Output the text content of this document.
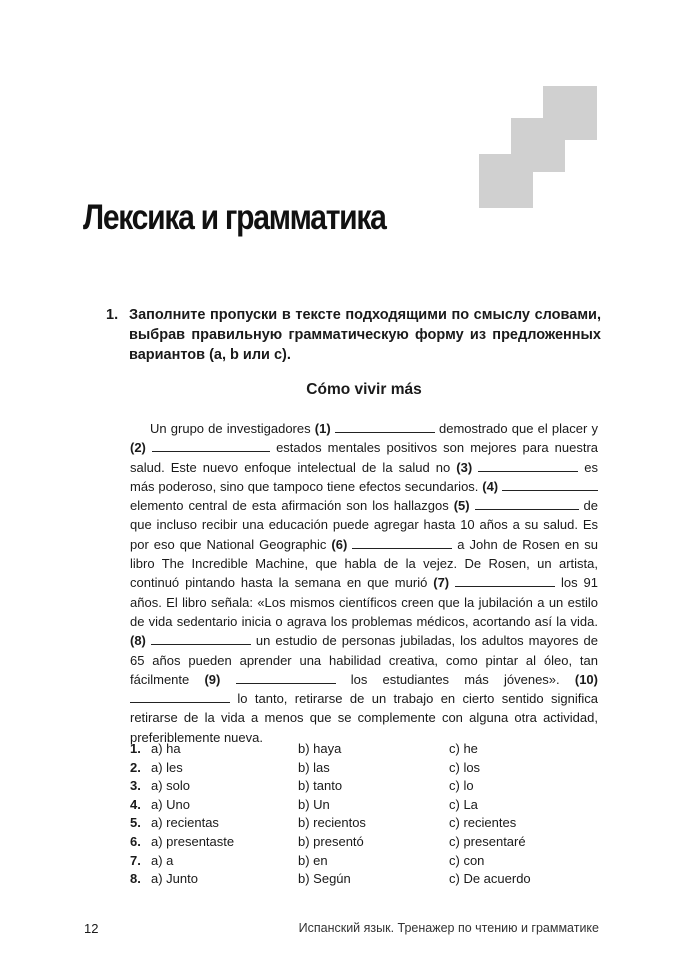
Лексика и грамматика
1. Заполните пропуски в тексте подходящими по смыслу словами, выбрав правильную грамматическую форму из предложенных вариантов (a, b или c).
Cómo vivir más

Un grupo de investigadores (1)	demostrado que el placer y (2)	estados mentales positivos son mejores para nuestra salud. Este nuevo enfoque intelectual de la salud no (3)	es más poderoso, sino que tampoco tiene efectos secundarios. (4)  elemento central de esta afirmación son los hallazgos (5)	de que incluso recibir una educación puede agregar hasta 10 años a su salud. Es por eso que National Geographic (6)	a John de Rosen en su libro The Incredible Machine, que habla de la vejez. De Rosen, un artista, continuó pintando hasta la semana en que murió (7)	los 91 años. El libro señala: «Los mismos científicos creen que la jubilación a un estilo de vida sedentario inicia o agrava los problemas médicos, acortando así la vida. (8)	un estudio de personas jubiladas, los adultos mayores de 65 años pueden aprender una habilidad creativa, como pintar al óleo, tan fácilmente (9)	los estudiantes más jóvenes». (10)  lo tanto, retirarse de un trabajo en cierto sentido significa retirarse de la vida a menos que se complemente con alguna otra actividad, preferiblemente nueva.

1. a) ha	b) haya	c) he
2. a) les	b) las	c) los
3. a) solo	b) tanto	c) lo
4. a) Uno	b) Un	c) La
5. a) recientas	b) recientos	c) recientes
6. a) presentaste	b) presentó	c) presentaré
7. a) a	b) en	c) con
8. a) Junto	b) Según	c) De acuerdo
12	Испанский язык. Тренажер по чтению и грамматике
